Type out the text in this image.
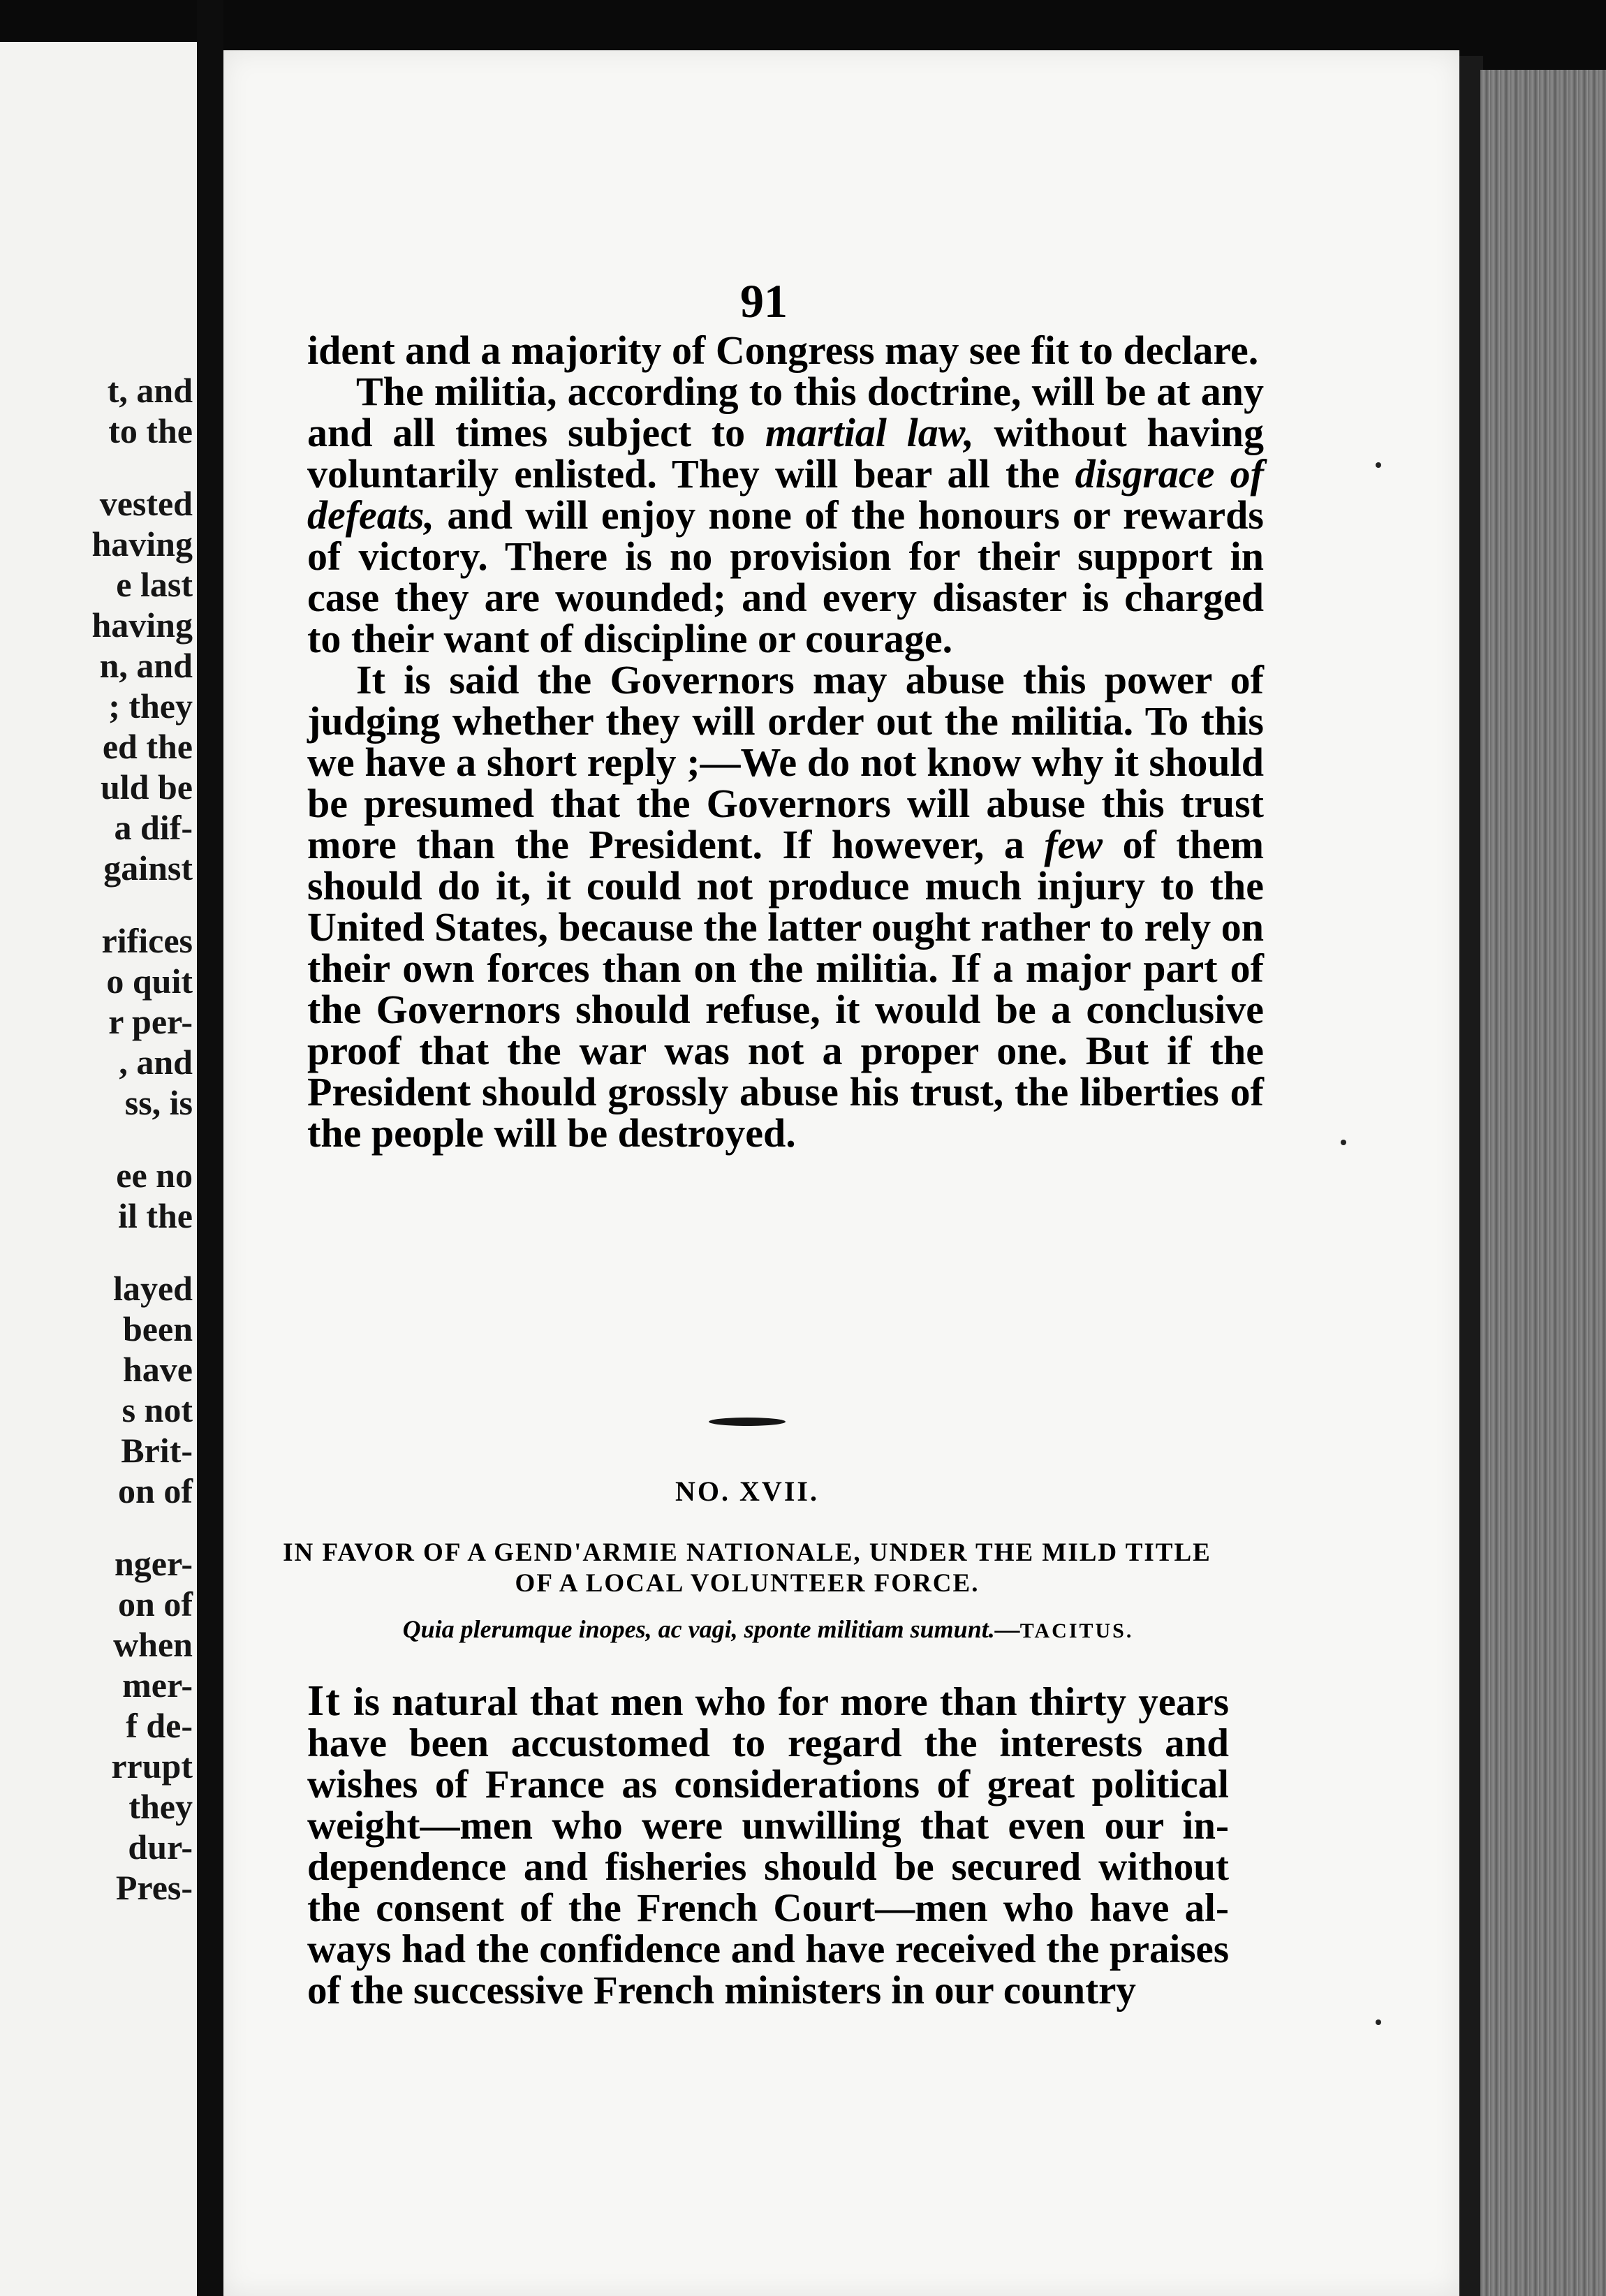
t, and
to the
vested
having
e last
having
n, and
; they
ed the
uld be
a dif-
gainst
rifices
o quit
r per-
, and
ss, is
ee no
il the
layed
been
have
s not
Brit-
on of
nger-
on of
when
mer-
f de-
rrupt
they
dur-
Pres-
91

ident and a majority of Congress may see fit to declare.

The militia, according to this doctrine, will be at any and all times subject to martial law, without having voluntarily enlisted. They will bear all the disgrace of defeats, and will enjoy none of the honours or rewards of victory. There is no provision for their support in case they are wounded; and every disaster is charged to their want of discipline or courage.

It is said the Governors may abuse this power of judging whether they will order out the militia. To this we have a short reply ;—We do not know why it should be presumed that the Governors will abuse this trust more than the President. If however, a few of them should do it, it could not produce much injury to the United States, because the latter ought rather to rely on their own forces than on the militia. If a major part of the Governors should refuse, it would be a conclusive proof that the war was not a proper one. But if the President should grossly abuse his trust, the liberties of the people will be destroyed.

NO. XVII.
IN FAVOR OF A GEND'ARMIE NATIONALE, UNDER THE MILD TITLE OF A LOCAL VOLUNTEER FORCE.
Quia plerumque inopes, ac vagi, sponte militiam sumunt.—TACITUS.

It is natural that men who for more than thirty years have been accustomed to regard the interests and wishes of France as considerations of great political weight—men who were unwilling that even our independence and fisheries should be secured without the consent of the French Court—men who have always had the confidence and have received the praises of the successive French ministers in our country
